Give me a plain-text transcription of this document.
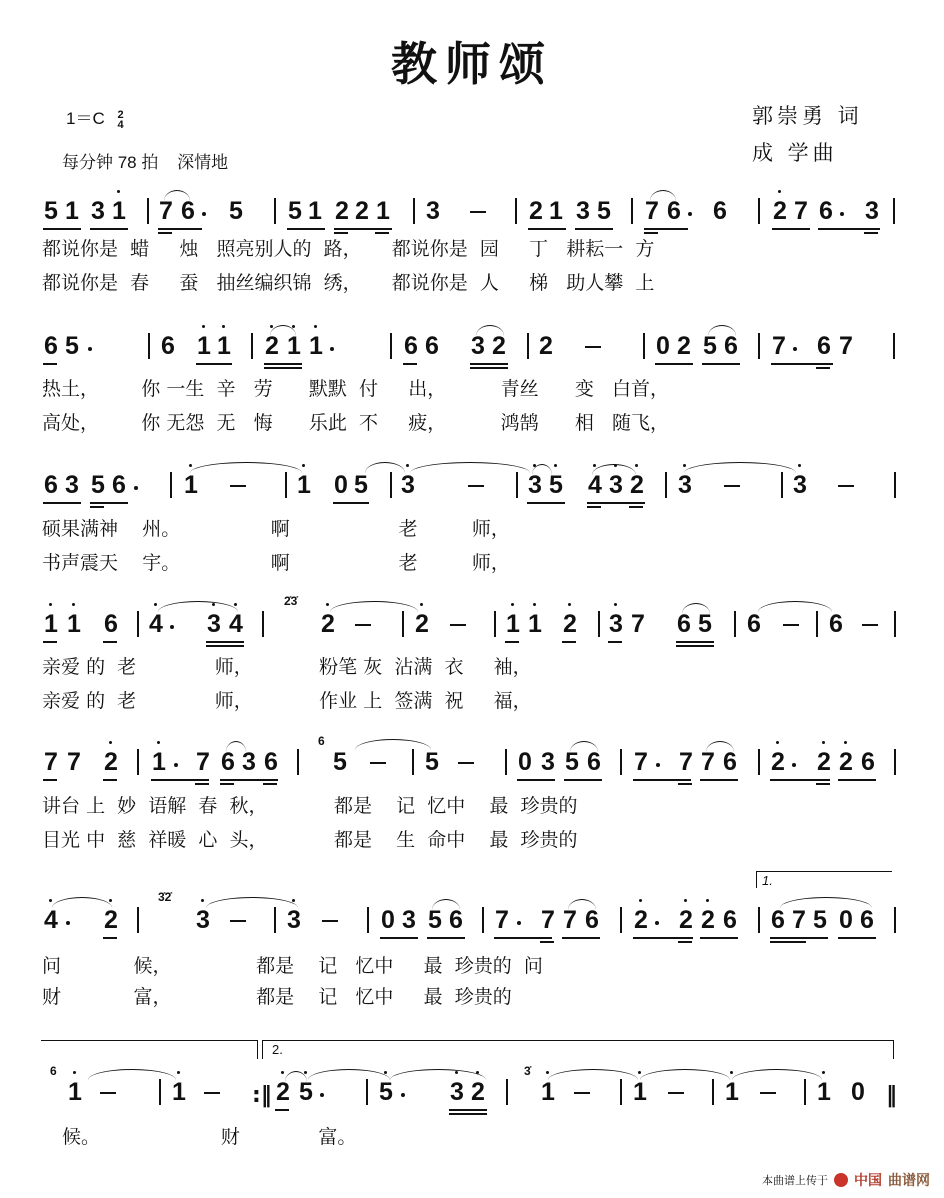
教师颂
1＝C 2
4
每分钟 78 拍 深情地
郭崇勇 词
成 学曲
5 1 3 1 7 6 5 5 1 2 2 1 3	2 1 3 5 7 6 6 2 7 6 3
都说你是 蜡 烛 照亮别人的 路， 都说你是 园 丁 耕耘一 方
都说你是 春 蚕 抽丝编织锦 绣， 都说你是 人 梯 助人攀 上
6 5	6 1 1 2 1 1	6 6 3 2 2	0 2 5 6 7 6 7
热土， 你 一生 辛 劳 默默 付 出，	青丝 变 白首，
高处， 你 无怨 无 悔 乐此 不 疲，	鸿鹄 相 随飞，
6 3 5 6 1	1 0 5 3	3 5 4 3 2 3	3
硕果满神 州。	啊	老	师，
书声震天 宇。	啊	老	师，
1 1 6 4 3 4
2̇3̇
2	2	1 1 2 3 7 6 5 6	6
亲爱 的 老	师，	粉笔 灰 沾满 衣 袖，
亲爱 的 老	师，	作业 上 签满 祝 福，
7 7 2 1 7 6 3 6
6
5	5	0 3 5 6 7 7 7 6 2 2 2 6
讲台 上 妙 语解 春 秋，	都是 记 忆中 最 珍贵的
目光 中 慈 祥暖 心 头，	都是 生 命中 最 珍贵的
1.
4 2
3̇2̇
3	3	0 3 5 6 7 7 7 6 2 2 2 6 6 7 5 0 6
问	候，	都是 记 忆中 最 珍贵的 问
财	富，	都是 记 忆中 最 珍贵的
2.
6
1	1	:‖ 2 5	5 3 2
3̇
1	1	1	1 0 ‖
候。	财	富。
本曲谱上传于 中国 曲谱网
